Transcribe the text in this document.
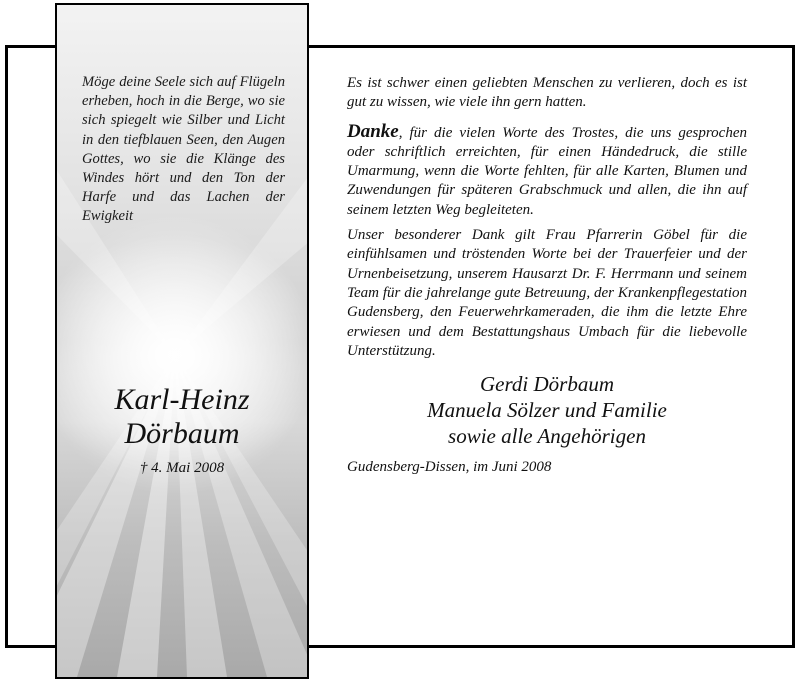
Möge deine Seele sich auf Flügeln erheben, hoch in die Berge, wo sie sich spiegelt wie Silber und Licht in den tiefblauen Seen, den Augen Gottes, wo sie die Klänge des Windes hört und den Ton der Harfe und das Lachen der Ewigkeit
Karl-Heinz
Dörbaum
† 4. Mai 2008

Es ist schwer einen geliebten Menschen zu verlieren, doch es ist gut zu wissen, wie viele ihn gern hatten.

Danke, für die vielen Worte des Trostes, die uns gesprochen oder schriftlich erreichten, für einen Händedruck, die stille Umarmung, wenn die Worte fehlten, für alle Karten, Blumen und Zuwendungen für späteren Grabschmuck und allen, die ihn auf seinem letzten Weg begleiteten.

Unser besonderer Dank gilt Frau Pfarrerin Göbel für die einfühlsamen und tröstenden Worte bei der Trauerfeier und der Urnenbeisetzung, unserem Hausarzt Dr. F. Herrmann und seinem Team für die jahrelange gute Betreuung, der Krankenpflegestation Gudensberg, den Feuerwehrkameraden, die ihm die letzte Ehre erwiesen und dem Bestattungshaus Umbach für die liebevolle Unterstützung.

Gerdi Dörbaum
Manuela Sölzer und Familie
sowie alle Angehörigen
Gudensberg-Dissen, im Juni 2008
